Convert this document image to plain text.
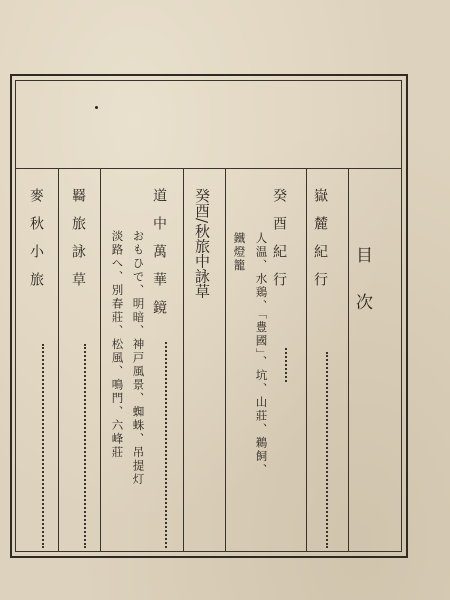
目次
嶽麓紀行
癸酉紀行
人温、水鶏、「豊國」、坑、山莊、鵜飼、
鐵燈籠
癸酉/秋旅中詠草
道中萬華鏡
おもひで、明暗、神戸風景、蜘蛛、吊提灯
淡路へ、別春莊、松風、鳴門、六峰莊
羇旅詠草
麥秋小旅
